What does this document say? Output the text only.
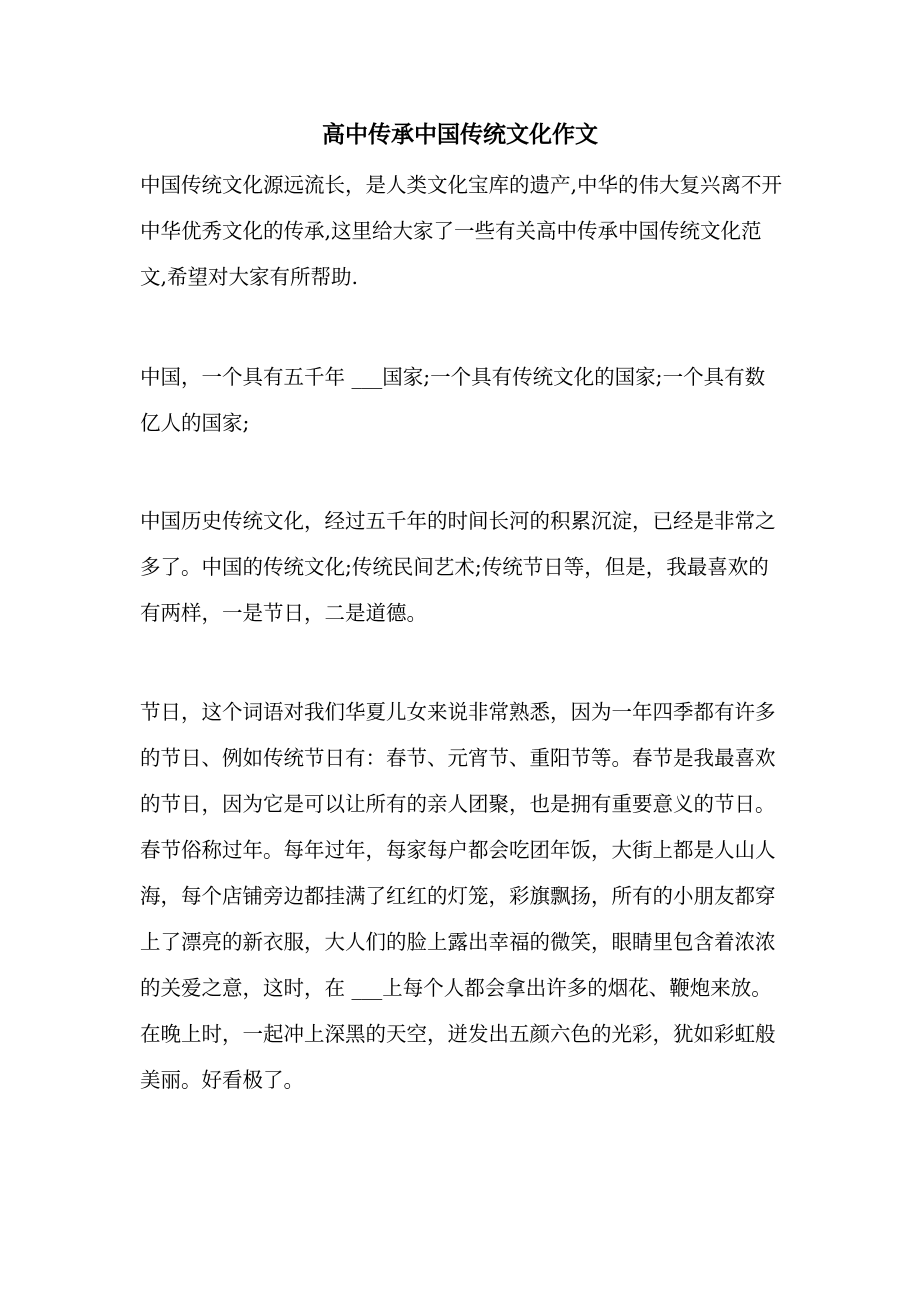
高中传承中国传统文化作文

中国传统文化源远流长，是人类文化宝库的遗产,中华的伟大复兴离不开中华优秀文化的传承,这里给大家了一些有关高中传承中国传统文化范文,希望对大家有所帮助.

中国，一个具有五千年 ___国家;一个具有传统文化的国家;一个具有数亿人的国家;

中国历史传统文化，经过五千年的时间长河的积累沉淀，已经是非常之多了。中国的传统文化;传统民间艺术;传统节日等，但是，我最喜欢的有两样，一是节日，二是道德。

节日，这个词语对我们华夏儿女来说非常熟悉，因为一年四季都有许多的节日、例如传统节日有：春节、元宵节、重阳节等。春节是我最喜欢的节日，因为它是可以让所有的亲人团聚，也是拥有重要意义的节日。春节俗称过年。每年过年，每家每户都会吃团年饭，大街上都是人山人海，每个店铺旁边都挂满了红红的灯笼，彩旗飘扬，所有的小朋友都穿上了漂亮的新衣服，大人们的脸上露出幸福的微笑，眼睛里包含着浓浓的关爱之意，这时，在 ___上每个人都会拿出许多的烟花、鞭炮来放。在晚上时，一起冲上深黑的天空，迸发出五颜六色的光彩，犹如彩虹般美丽。好看极了。
